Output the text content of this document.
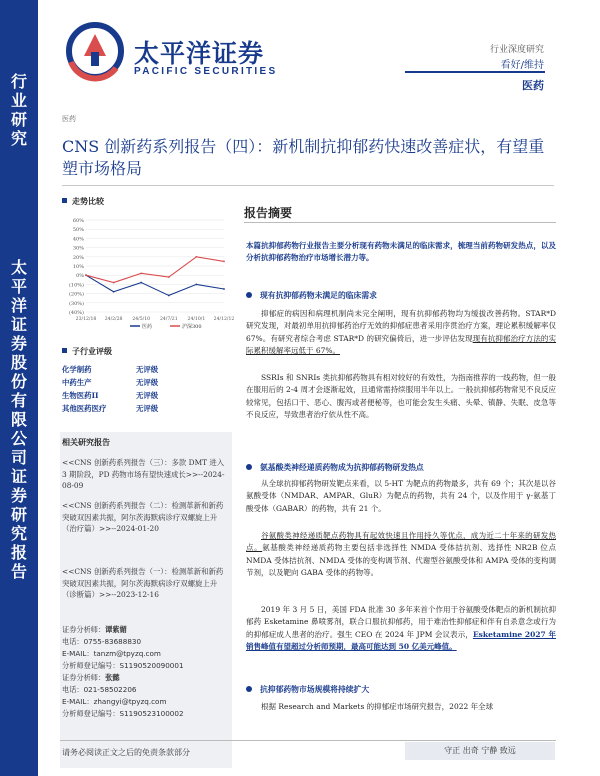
行
业
研
究
太
平
洋
证
券
股
份
有
限
公
司
证
券
研
究
报
告
太平洋证券
PACIFIC SECURITIES
行业深度研究
看好/维持
医药
医药
CNS 创新药系列报告（四）：新机制抗抑郁药快速改善症状，有望重塑市场格局
走势比较
60%
50%
40%
30%
20%
10%
0%
(10%)
(20%)
(30%)
(40%)
23/12/18 24/2/28 24/5/10 24/7/21 24/10/1 24/12/12
医药	沪深300
子行业评级
化学制药	无评级
中药生产	无评级
生物医药II	无评级
其他医药医疗	无评级
相关研究报告
<<CNS 创新药系列报告（三）：多款 DMT 进入 3 期阶段，PD 药物市场有望快速成长>>--2024-08-09
<<CNS 创新药系列报告（二）：检测革新和新药突破双因素共振，阿尔茨海默病诊疗双螺旋上升（治疗篇）>>--2024-01-20
<<CNS 创新药系列报告（一）：检测革新和新药突破双因素共振，阿尔茨海默病诊疗双螺旋上升（诊断篇）>>--2023-12-16
证券分析师：谭紫媚
电话：0755-83688830
E-MAIL：tanzm@tpyzq.com
分析师登记编号：S1190520090001
证券分析师：张懿
电话：021-58502206
E-MAIL：zhangyi@tpyzq.com
分析师登记编号：S1190523100002
报告摘要
本篇抗抑郁药物行业报告主要分析现有药物未满足的临床需求，梳理当前药物研发热点，以及分析抗抑郁药物治疗市场增长潜力等。
现有抗抑郁药物未满足的临床需求
抑郁症的病因和病理机制尚未完全阐明，现有抗抑郁药物均为缓拔改善药物。STAR*D 研究发现，对最初单用抗抑郁药治疗无效的抑郁症患者采用序贯治疗方案，理论累积缓解率仅 67%。有研究者综合考虑 STAR*D 的研究偏倚后，进一步评估发现现有抗抑郁治疗方法的实际累积缓解率远低于 67%。
SSRIs 和 SNRIs 类抗抑郁药物具有相对较好的有效性，为指南推荐的一线药物，但一般在服用后的 2-4 周才会逐渐起效，且通常需持续服用半年以上。一般抗抑郁药物常见不良反应较常见，包括口干、恶心、腹泻或者便秘等，也可能会发生头痛、头晕、镇静、失眠、皮急等不良反应，导致患者治疗依从性不高。
氨基酸类神经递质药物成为抗抑郁药物研发热点
从全球抗抑郁药物研发靶点来看，以 5-HT 为靶点的药物最多，共有 69 个；其次是以谷氨酸受体（NMDAR、AMPAR、GluR）为靶点的药物，共有 24 个，以及作用于 γ-氨基丁酸受体（GABAR）的药物，共有 21 个。
谷氨酸类神经递质靶点药物具有起效快速且作用持久等优点，成为近二十年来的研发热点。氨基酸类神经递质药物主要包括非选择性 NMDA 受体拮抗剂、选择性 NR2B 位点 NMDA 受体拮抗剂、NMDA 受体的变构调节剂、代谢型谷氨酸受体和 AMPA 受体的变构调节剂，以及靶向 GABA 受体的药物等。
2019 年 3 月 5 日，美国 FDA 批准 30 多年来首个作用于谷氨酸受体靶点的新机制抗抑郁药 Esketamine 鼻喷雾剂，联合口服抗抑郁药，用于难治性抑郁症和伴有自杀意念或行为的抑郁症成人患者的治疗。强生 CEO 在 2024 年 JPM 会议表示，Esketamine 2027 年销售峰值有望超过分析师预期，最高可能达到 50 亿美元峰值。
抗抑郁药物市场规模将持续扩大
根据 Research and Markets 的抑郁症市场研究报告，2022 年全球
请务必阅读正文之后的免责条款部分	守正 出奇 宁静 致远
